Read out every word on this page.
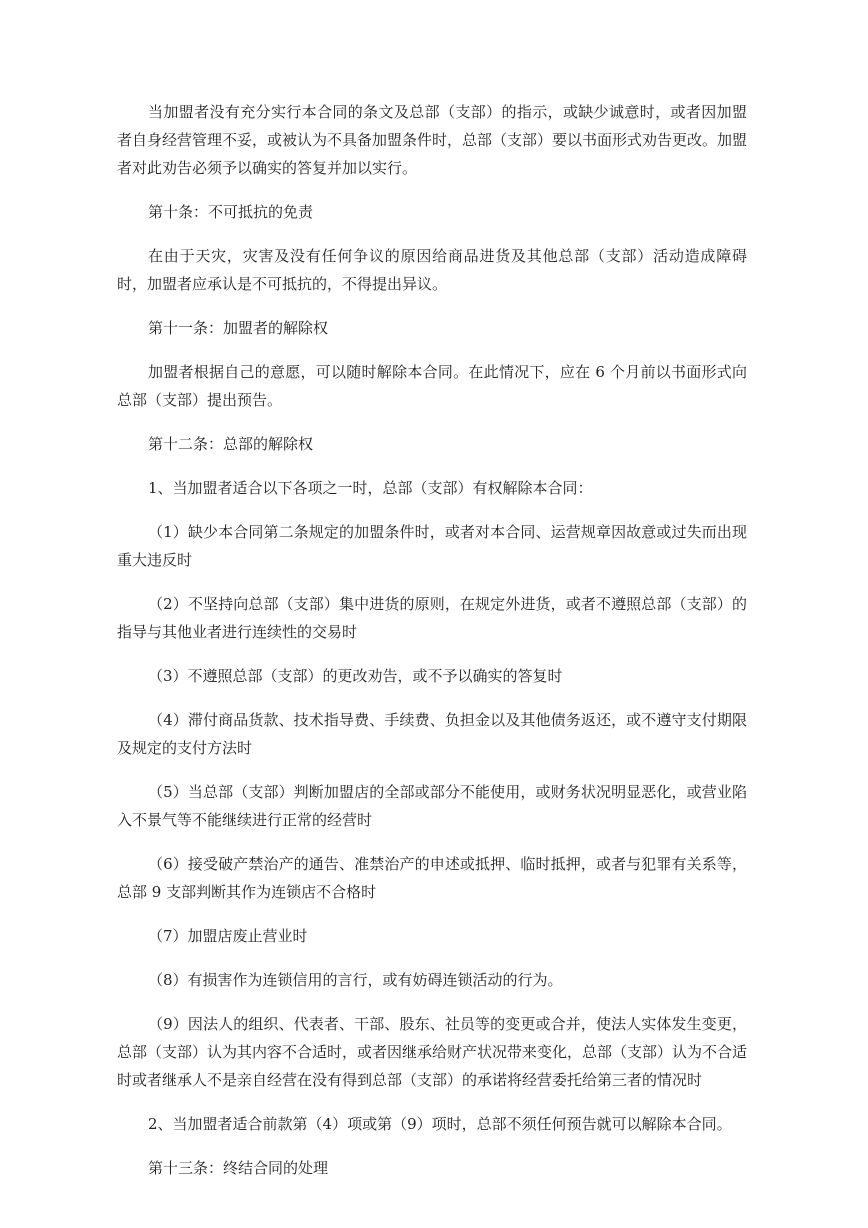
当加盟者没有充分实行本合同的条文及总部（支部）的指示，或缺少诚意时，或者因加盟者自身经营管理不妥，或被认为不具备加盟条件时，总部（支部）要以书面形式劝告更改。加盟者对此劝告必须予以确实的答复并加以实行。

第十条：不可抵抗的免责

在由于天灾，灾害及没有任何争议的原因给商品进货及其他总部（支部）活动造成障碍时，加盟者应承认是不可抵抗的，不得提出异议。

第十一条：加盟者的解除权

加盟者根据自己的意愿，可以随时解除本合同。在此情况下，应在 6 个月前以书面形式向总部（支部）提出预告。

第十二条：总部的解除权

1、当加盟者适合以下各项之一时，总部（支部）有权解除本合同：

（1）缺少本合同第二条规定的加盟条件时，或者对本合同、运营规章因故意或过失而出现重大违反时

（2）不坚持向总部（支部）集中进货的原则，在规定外进货，或者不遵照总部（支部）的指导与其他业者进行连续性的交易时

（3）不遵照总部（支部）的更改劝告，或不予以确实的答复时

（4）滞付商品货款、技术指导费、手续费、负担金以及其他债务返还，或不遵守支付期限及规定的支付方法时

（5）当总部（支部）判断加盟店的全部或部分不能使用，或财务状况明显恶化，或营业陷入不景气等不能继续进行正常的经营时

（6）接受破产禁治产的通告、准禁治产的申述或抵押、临时抵押，或者与犯罪有关系等，总部 9 支部判断其作为连锁店不合格时

（7）加盟店废止营业时

（8）有损害作为连锁信用的言行，或有妨碍连锁活动的行为。

（9）因法人的组织、代表者、干部、股东、社员等的变更或合并，使法人实体发生变更，总部（支部）认为其内容不合适时，或者因继承给财产状况带来变化，总部（支部）认为不合适时或者继承人不是亲自经营在没有得到总部（支部）的承诺将经营委托给第三者的情况时

2、当加盟者适合前款第（4）项或第（9）项时，总部不须任何预告就可以解除本合同。

第十三条：终结合同的处理
